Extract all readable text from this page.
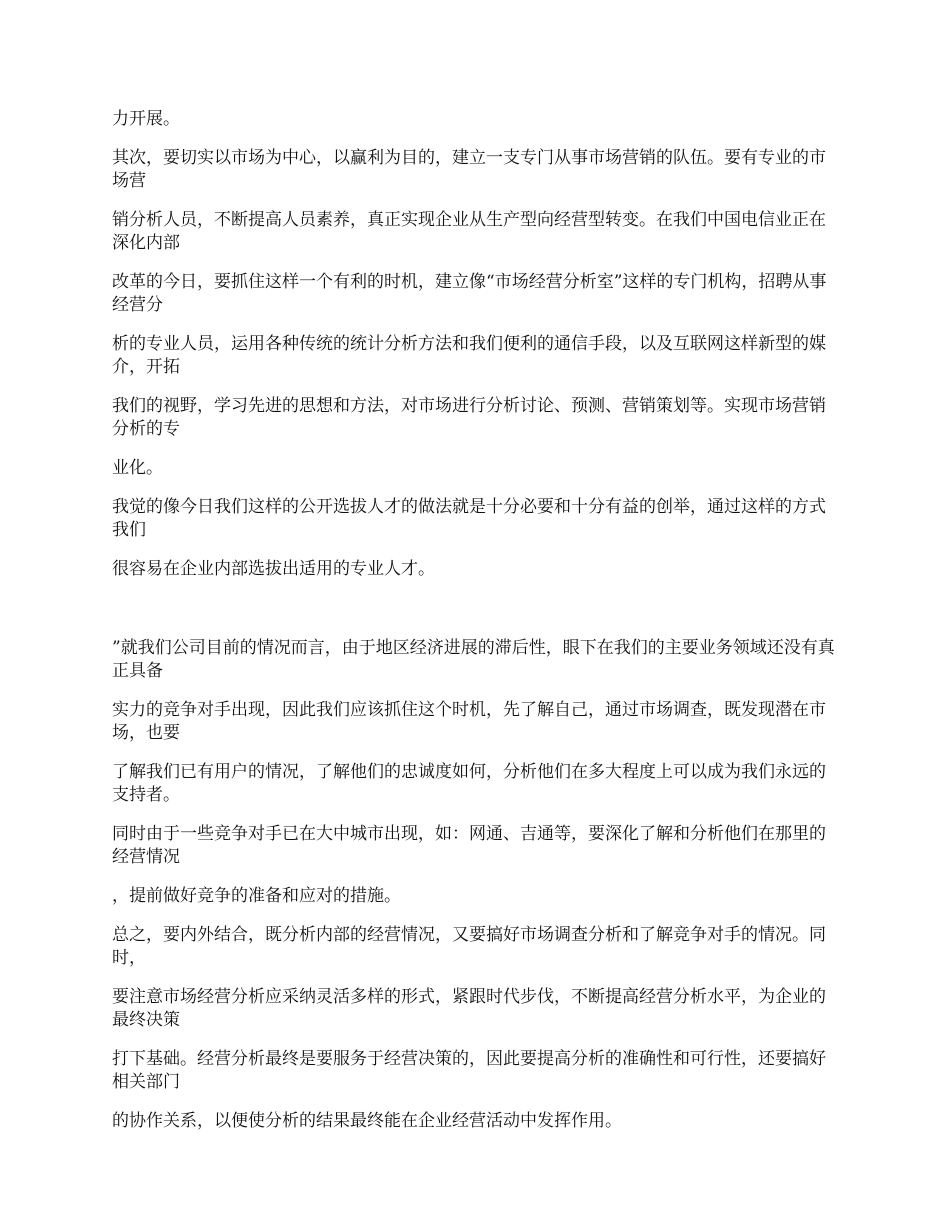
力开展。

其次，要切实以市场为中心，以赢利为目的，建立一支专门从事市场营销的队伍。要有专业的市场营

销分析人员，不断提高人员素养，真正实现企业从生产型向经营型转变。在我们中国电信业正在深化内部

改革的今日，要抓住这样一个有利的时机，建立像“市场经营分析室”这样的专门机构，招聘从事经营分

析的专业人员，运用各种传统的统计分析方法和我们便利的通信手段，以及互联网这样新型的媒介，开拓

我们的视野，学习先进的思想和方法，对市场进行分析讨论、预测、营销策划等。实现市场营销分析的专

业化。

我觉的像今日我们这样的公开选拔人才的做法就是十分必要和十分有益的创举，通过这样的方式我们

很容易在企业内部选拔出适用的专业人才。

”就我们公司目前的情况而言，由于地区经济进展的滞后性，眼下在我们的主要业务领域还没有真正具备

实力的竞争对手出现，因此我们应该抓住这个时机，先了解自己，通过市场调查，既发现潜在市场，也要

了解我们已有用户的情况，了解他们的忠诚度如何，分析他们在多大程度上可以成为我们永远的支持者。

同时由于一些竞争对手已在大中城市出现，如：网通、吉通等，要深化了解和分析他们在那里的经营情况

，提前做好竞争的准备和应对的措施。

总之，要内外结合，既分析内部的经营情况，又要搞好市场调查分析和了解竞争对手的情况。同时，

要注意市场经营分析应采纳灵活多样的形式，紧跟时代步伐，不断提高经营分析水平，为企业的最终决策

打下基础。经营分析最终是要服务于经营决策的，因此要提高分析的准确性和可行性，还要搞好相关部门

的协作关系，以便使分析的结果最终能在企业经营活动中发挥作用。
